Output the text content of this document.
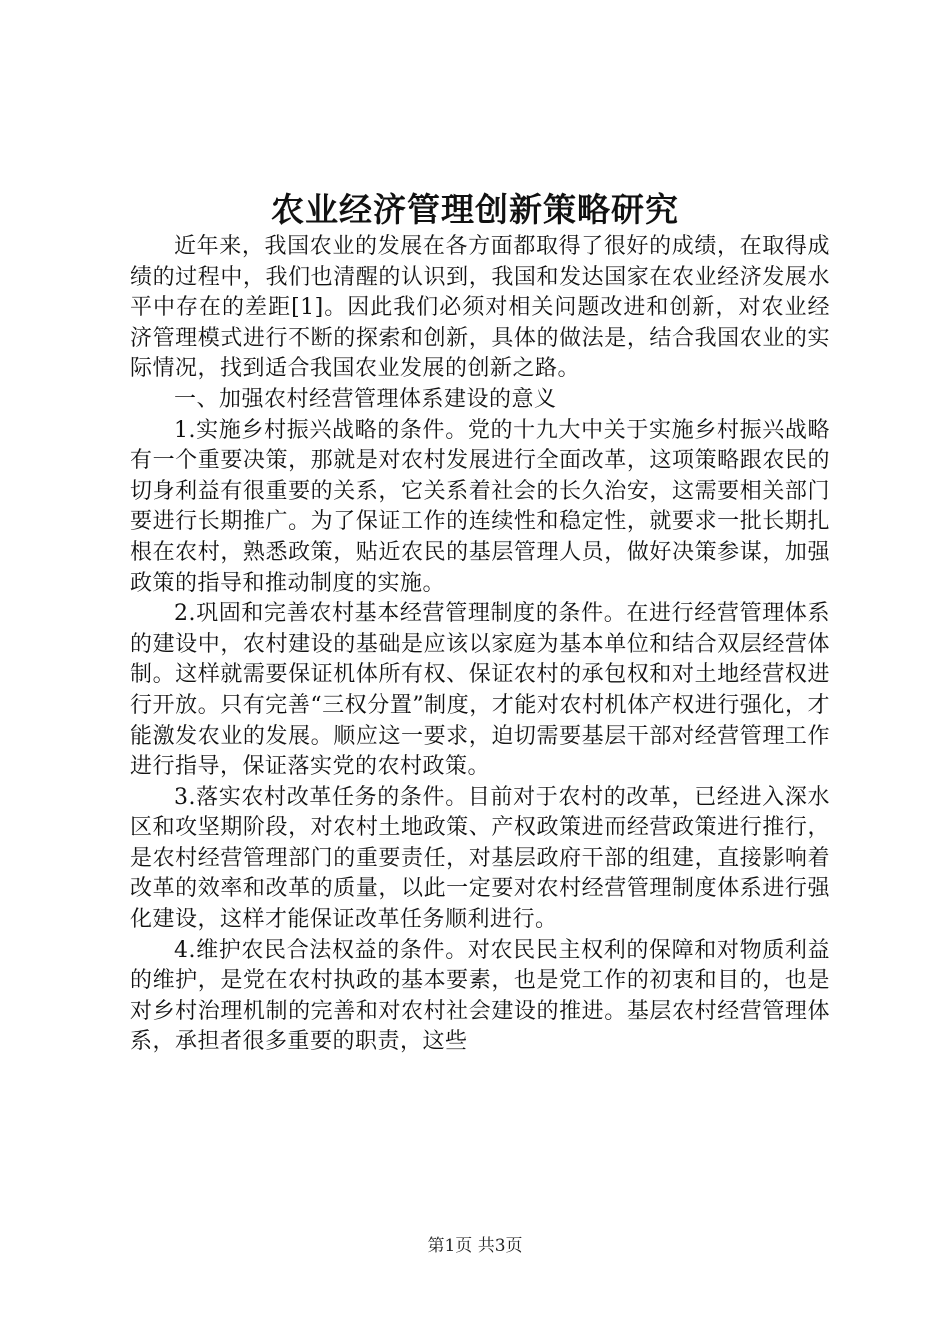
农业经济管理创新策略研究

近年来，我国农业的发展在各方面都取得了很好的成绩，在取得成绩的过程中，我们也清醒的认识到，我国和发达国家在农业经济发展水平中存在的差距[1]。因此我们必须对相关问题改进和创新，对农业经济管理模式进行不断的探索和创新，具体的做法是，结合我国农业的实际情况，找到适合我国农业发展的创新之路。

一、加强农村经营管理体系建设的意义

1.实施乡村振兴战略的条件。党的十九大中关于实施乡村振兴战略有一个重要决策，那就是对农村发展进行全面改革，这项策略跟农民的切身利益有很重要的关系，它关系着社会的长久治安，这需要相关部门要进行长期推广。为了保证工作的连续性和稳定性，就要求一批长期扎根在农村，熟悉政策，贴近农民的基层管理人员，做好决策参谋，加强政策的指导和推动制度的实施。

2.巩固和完善农村基本经营管理制度的条件。在进行经营管理体系的建设中，农村建设的基础是应该以家庭为基本单位和结合双层经营体制。这样就需要保证机体所有权、保证农村的承包权和对土地经营权进行开放。只有完善“三权分置”制度，才能对农村机体产权进行强化，才能激发农业的发展。顺应这一要求，迫切需要基层干部对经营管理工作进行指导，保证落实党的农村政策。

3.落实农村改革任务的条件。目前对于农村的改革，已经进入深水区和攻坚期阶段，对农村土地政策、产权政策进而经营政策进行推行，是农村经营管理部门的重要责任，对基层政府干部的组建，直接影响着改革的效率和改革的质量，以此一定要对农村经营管理制度体系进行强化建设，这样才能保证改革任务顺利进行。

4.维护农民合法权益的条件。对农民民主权利的保障和对物质利益的维护，是党在农村执政的基本要素，也是党工作的初衷和目的，也是对乡村治理机制的完善和对农村社会建设的推进。基层农村经营管理体系，承担者很多重要的职责，这些

第1页 共3页
